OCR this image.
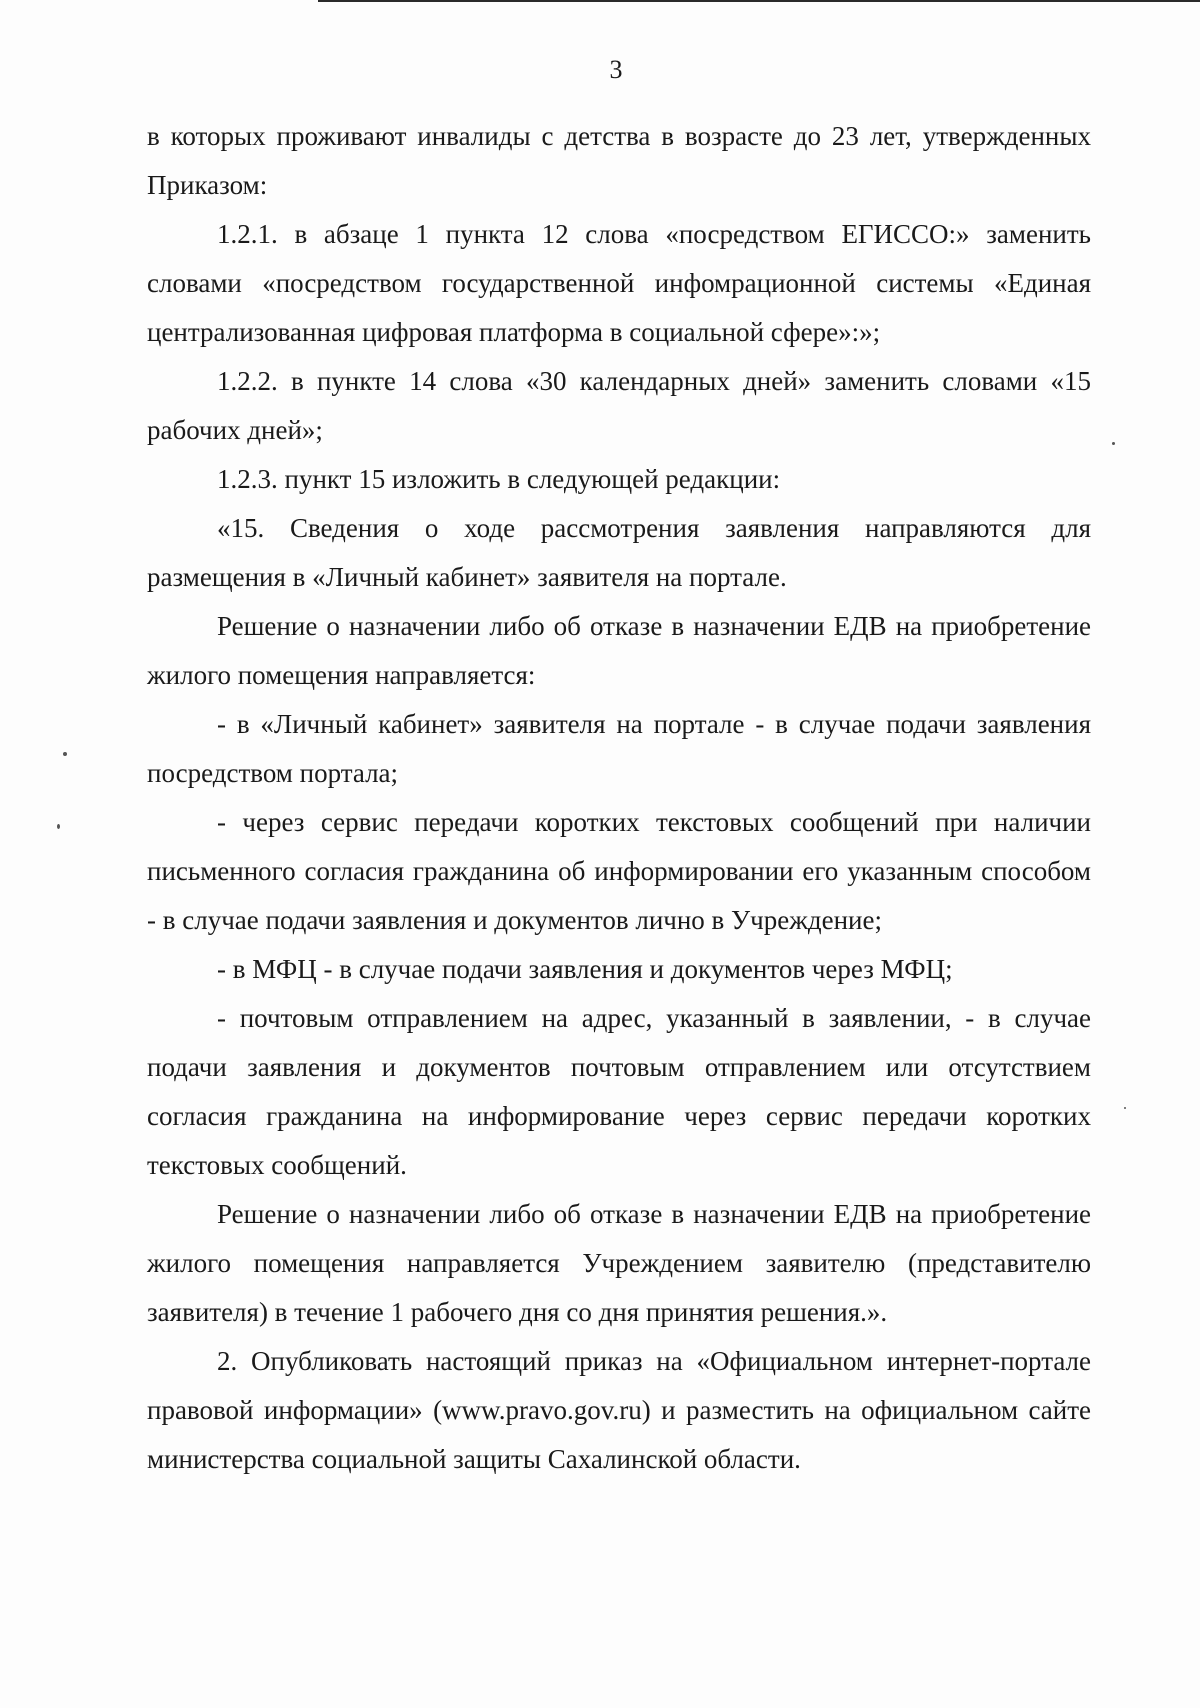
3

в которых проживают инвалиды с детства в возрасте до 23 лет, утвержденных Приказом:

1.2.1. в абзаце 1 пункта 12 слова «посредством ЕГИССО:» заменить словами «посредством государственной инфомрационной системы «Единая централизованная цифровая платформа в социальной сфере»:»;

1.2.2. в пункте 14 слова «30 календарных дней» заменить словами «15 рабочих дней»;

1.2.3. пункт 15 изложить в следующей редакции:

«15. Сведения о ходе рассмотрения заявления направляются для размещения в «Личный кабинет» заявителя на портале.

Решение о назначении либо об отказе в назначении ЕДВ на приобретение жилого помещения направляется:

- в «Личный кабинет» заявителя на портале - в случае подачи заявления посредством портала;

- через сервис передачи коротких текстовых сообщений при наличии письменного согласия гражданина об информировании его указанным способом - в случае подачи заявления и документов лично в Учреждение;

- в МФЦ - в случае подачи заявления и документов через МФЦ;

- почтовым отправлением на адрес, указанный в заявлении, - в случае подачи заявления и документов почтовым отправлением или отсутствием согласия гражданина на информирование через сервис передачи коротких текстовых сообщений.

Решение о назначении либо об отказе в назначении ЕДВ на приобретение жилого помещения направляется Учреждением заявителю (представителю заявителя) в течение 1 рабочего дня со дня принятия решения.».

2. Опубликовать настоящий приказ на «Официальном интернет-портале правовой информации» (www.pravo.gov.ru) и разместить на официальном сайте министерства социальной защиты Сахалинской области.
